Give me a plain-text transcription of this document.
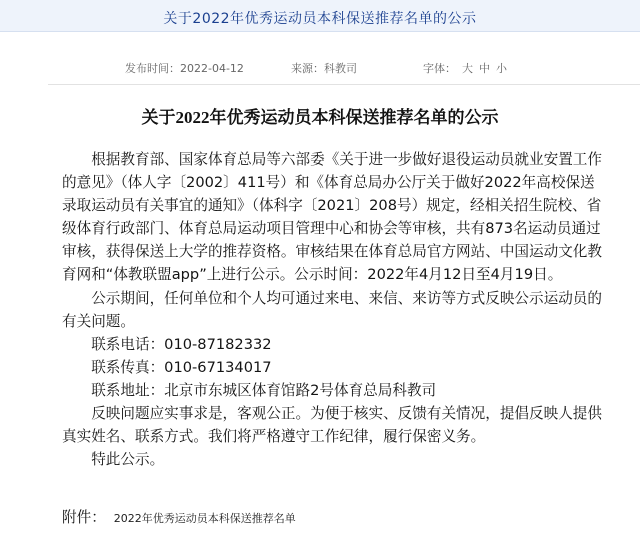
关于2022年优秀运动员本科保送推荐名单的公示
发布时间：2022-04-12	来源：科教司	字体： 大 中 小
关于2022年优秀运动员本科保送推荐名单的公示

根据教育部、国家体育总局等六部委《关于进一步做好退役运动员就业安置工作的意见》（体人字〔2002〕411号）和《体育总局办公厅关于做好2022年高校保送录取运动员有关事宜的通知》（体科字〔2021〕208号）规定，经相关招生院校、省级体育行政部门、体育总局运动项目管理中心和协会等审核，共有873名运动员通过审核，获得保送上大学的推荐资格。审核结果在体育总局官方网站、中国运动文化教育网和“体教联盟app”上进行公示。公示时间：2022年4月12日至4月19日。

公示期间，任何单位和个人均可通过来电、来信、来访等方式反映公示运动员的有关问题。

联系电话：010-87182332

联系传真：010-67134017

联系地址：北京市东城区体育馆路2号体育总局科教司

反映问题应实事求是，客观公正。为便于核实、反馈有关情况，提倡反映人提供真实姓名、联系方式。我们将严格遵守工作纪律，履行保密义务。

特此公示。

附件： 2022年优秀运动员本科保送推荐名单
